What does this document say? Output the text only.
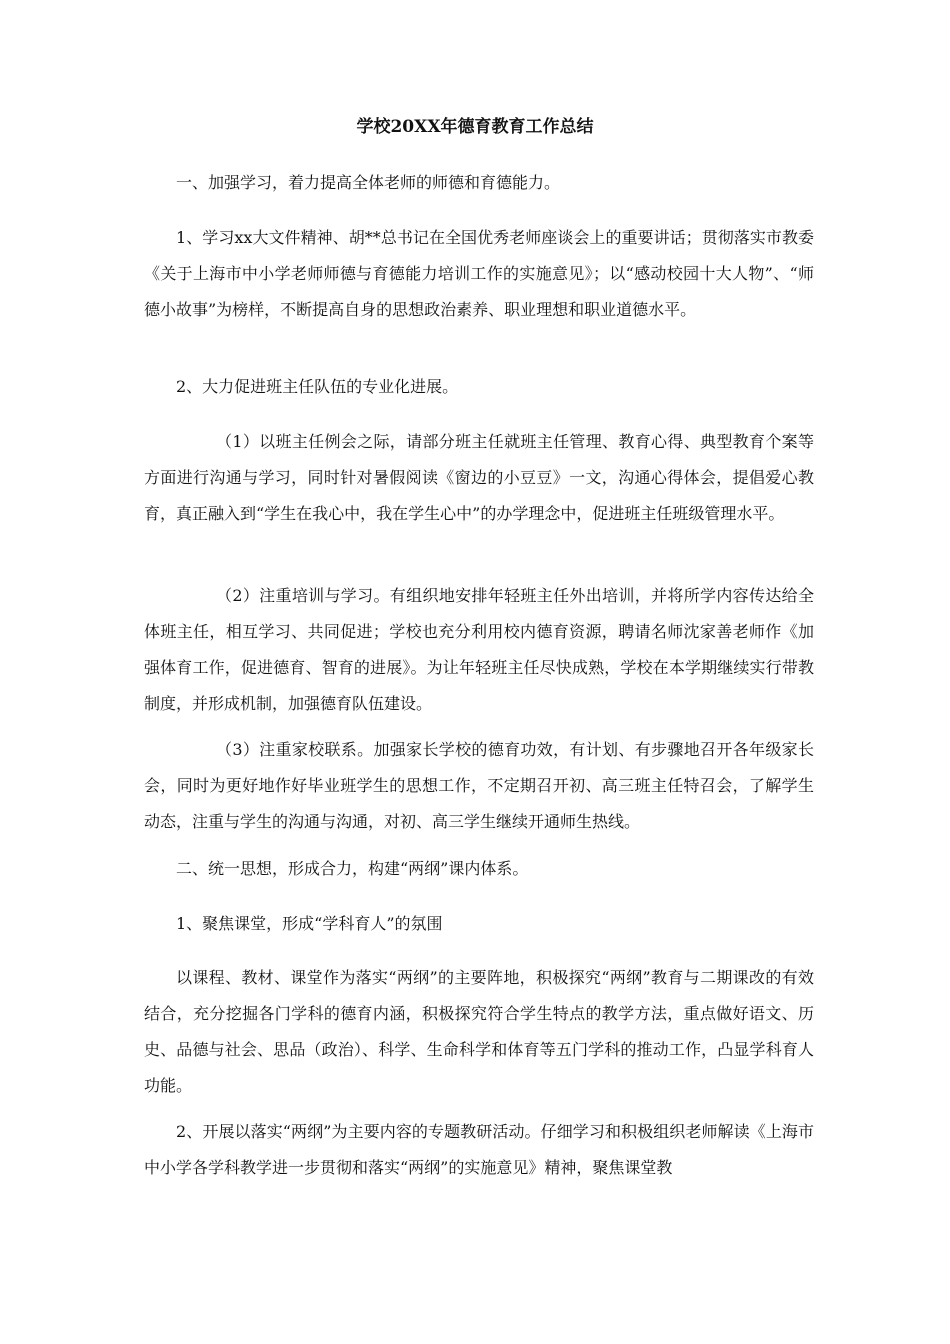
学校20XX年德育教育工作总结

一、加强学习，着力提高全体老师的师德和育德能力。

1、学习xx大文件精神、胡**总书记在全国优秀老师座谈会上的重要讲话；贯彻落实市教委《关于上海市中小学老师师德与育德能力培训工作的实施意见》；以“感动校园十大人物”、“师德小故事”为榜样，不断提高自身的思想政治素养、职业理想和职业道德水平。

2、大力促进班主任队伍的专业化进展。

（1）以班主任例会之际，请部分班主任就班主任管理、教育心得、典型教育个案等方面进行沟通与学习，同时针对暑假阅读《窗边的小豆豆》一文，沟通心得体会，提倡爱心教育，真正融入到“学生在我心中，我在学生心中”的办学理念中，促进班主任班级管理水平。

（2）注重培训与学习。有组织地安排年轻班主任外出培训，并将所学内容传达给全体班主任，相互学习、共同促进；学校也充分利用校内德育资源，聘请名师沈家善老师作《加强体育工作，促进德育、智育的进展》。为让年轻班主任尽快成熟，学校在本学期继续实行带教制度，并形成机制，加强德育队伍建设。

（3）注重家校联系。加强家长学校的德育功效，有计划、有步骤地召开各年级家长会，同时为更好地作好毕业班学生的思想工作，不定期召开初、高三班主任特召会，了解学生动态，注重与学生的沟通与沟通，对初、高三学生继续开通师生热线。

二、统一思想，形成合力，构建“两纲”课内体系。

1、聚焦课堂，形成“学科育人”的氛围

以课程、教材、课堂作为落实“两纲”的主要阵地，积极探究“两纲”教育与二期课改的有效结合，充分挖掘各门学科的德育内涵，积极探究符合学生特点的教学方法，重点做好语文、历史、品德与社会、思品（政治）、科学、生命科学和体育等五门学科的推动工作，凸显学科育人功能。

2、开展以落实“两纲”为主要内容的专题教研活动。仔细学习和积极组织老师解读《上海市中小学各学科教学进一步贯彻和落实“两纲”的实施意见》精神，聚焦课堂教
